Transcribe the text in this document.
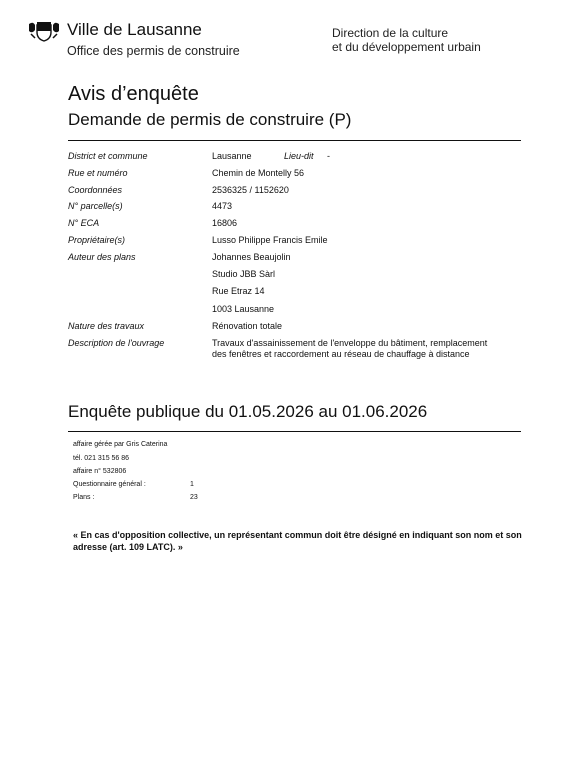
Ville de Lausanne
Office des permis de construire
Direction de la culture
et du développement urbain
Avis d’enquête
Demande de permis de construire (P)
District et commune	Lausanne	Lieu-dit -
Rue et numéro	Chemin de Montelly 56
Coordonnées	2536325 / 1152620
N° parcelle(s)	4473
N° ECA	16806
Propriétaire(s)	Lusso Philippe Francis Emile
Auteur des plans	Johannes Beaujolin
Studio JBB Sàrl
Rue Etraz 14
1003 Lausanne
Nature des travaux	Rénovation totale
Description de l'ouvrage	Travaux d'assainissement de l'enveloppe du bâtiment, remplacement
des fenêtres et raccordement au réseau de chauffage à distance
Enquête publique du 01.05.2026 au 01.06.2026
affaire gérée par Gris Caterina
tél. 021 315 56 86
affaire n° 532806
Questionnaire général :	1
Plans :	23
« En cas d'opposition collective, un représentant commun doit être désigné en indiquant son nom et son adresse (art. 109 LATC). »
